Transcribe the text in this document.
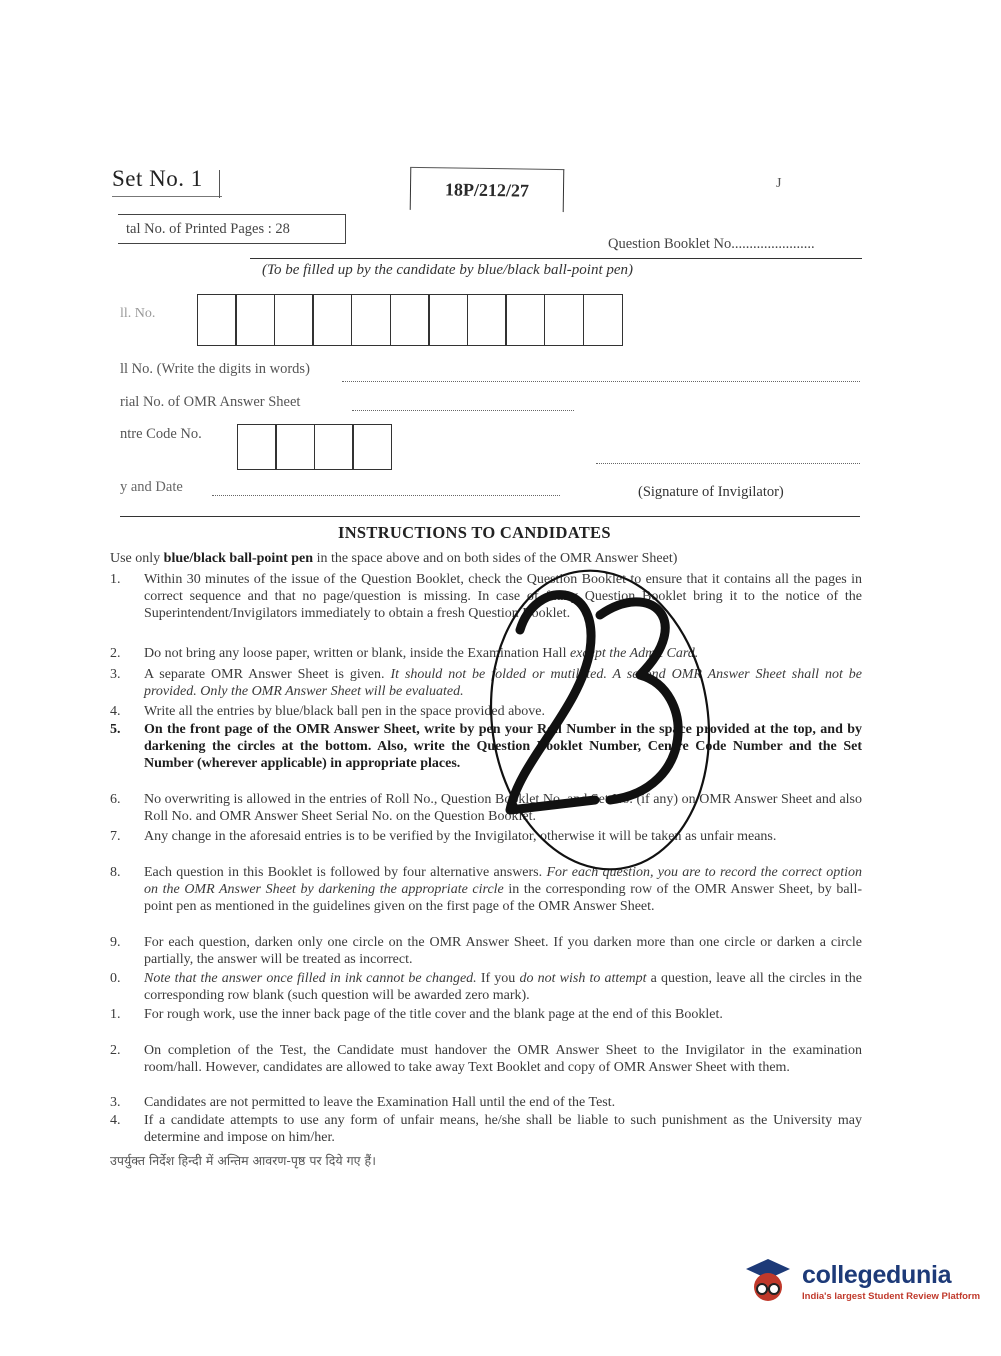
Set No. 1	18P/212/27	J
tal No. of Printed Pages : 28
Question Booklet No.......................
(To be filled up by the candidate by blue/black ball-point pen)
ll. No.
ll No. (Write the digits in words)
rial No. of OMR Answer Sheet
ntre Code No.
y and Date	(Signature of Invigilator)
INSTRUCTIONS TO CANDIDATES
Use only blue/black ball-point pen in the space above and on both sides of the OMR Answer Sheet)
1.	Within 30 minutes of the issue of the Question Booklet, check the Question Booklet to ensure that it contains all the pages in correct sequence and that no page/question is missing. In case of faulty Question Booklet bring it to the notice of the Superintendent/Invigilators immediately to obtain a fresh Question Booklet.
2.	Do not bring any loose paper, written or blank, inside the Examination Hall except the Admit Card.
3.	A separate OMR Answer Sheet is given. It should not be folded or mutilated. A second OMR Answer Sheet shall not be provided. Only the OMR Answer Sheet will be evaluated.
4.	Write all the entries by blue/black ball pen in the space provided above.
5.	On the front page of the OMR Answer Sheet, write by pen your Roll Number in the space provided at the top, and by darkening the circles at the bottom. Also, write the Question Booklet Number, Centre Code Number and the Set Number (wherever applicable) in appropriate places.
6.	No overwriting is allowed in the entries of Roll No., Question Booklet No. and Set No. (if any) on OMR Answer Sheet and also Roll No. and OMR Answer Sheet Serial No. on the Question Booklet.
7.	Any change in the aforesaid entries is to be verified by the Invigilator, otherwise it will be taken as unfair means.
8.	Each question in this Booklet is followed by four alternative answers. For each question, you are to record the correct option on the OMR Answer Sheet by darkening the appropriate circle in the corresponding row of the OMR Answer Sheet, by ball-point pen as mentioned in the guidelines given on the first page of the OMR Answer Sheet.
9.	For each question, darken only one circle on the OMR Answer Sheet. If you darken more than one circle or darken a circle partially, the answer will be treated as incorrect.
0.	Note that the answer once filled in ink cannot be changed. If you do not wish to attempt a question, leave all the circles in the corresponding row blank (such question will be awarded zero mark).
1.	For rough work, use the inner back page of the title cover and the blank page at the end of this Booklet.
2.	On completion of the Test, the Candidate must handover the OMR Answer Sheet to the Invigilator in the examination room/hall. However, candidates are allowed to take away Text Booklet and copy of OMR Answer Sheet with them.
3.	Candidates are not permitted to leave the Examination Hall until the end of the Test.
4.	If a candidate attempts to use any form of unfair means, he/she shall be liable to such punishment as the University may determine and impose on him/her.
उपर्युक्त निर्देश हिन्दी में अन्तिम आवरण-पृष्ठ पर दिये गए हैं।
collegedunia
India's largest Student Review Platform
